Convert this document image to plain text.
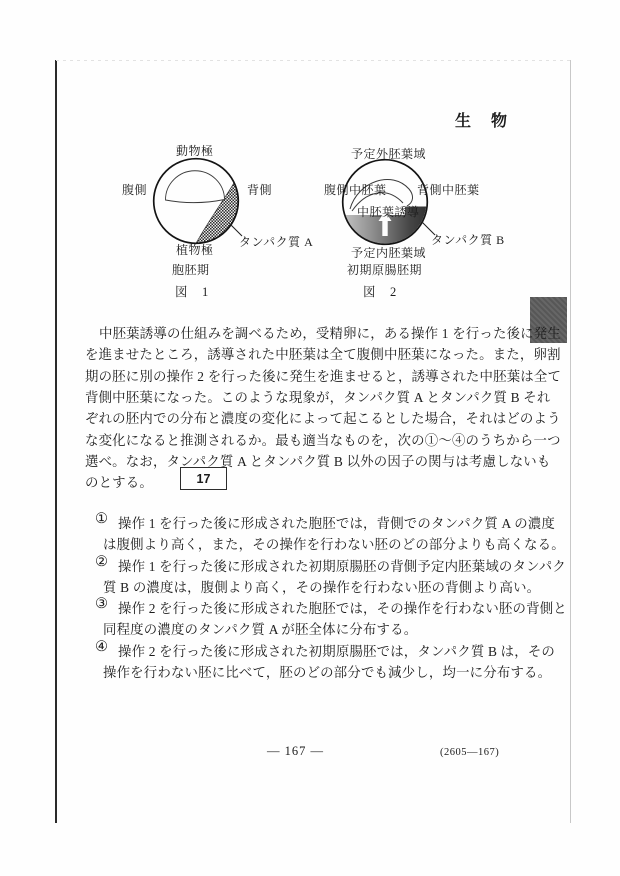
生　物
動物極
腹側	背側
タンパク質 A
植物極
胞胚期
図　1
予定外胚葉域
腹側中胚葉	背側中胚葉
中胚葉誘導
タンパク質 B
予定内胚葉域
初期原腸胚期
図　2
中胚葉誘導の仕組みを調べるため，受精卵に，ある操作 1 を行った後に発生
を進ませたところ，誘導された中胚葉は全て腹側中胚葉になった。また，卵割
期の胚に別の操作 2 を行った後に発生を進ませると，誘導された中胚葉は全て
背側中胚葉になった。このような現象が，タンパク質 A とタンパク質 B それ
ぞれの胚内での分布と濃度の変化によって起こるとした場合，それはどのよう
な変化になると推測されるか。最も適当なものを，次の①～④のうちから一つ
選べ。なお，タンパク質 A とタンパク質 B 以外の因子の関与は考慮しないも
のとする。	17
① 操作 1 を行った後に形成された胞胚では，背側でのタンパク質 A の濃度
は腹側より高く，また，その操作を行わない胚のどの部分よりも高くなる。
② 操作 1 を行った後に形成された初期原腸胚の背側予定内胚葉域のタンパク
質 B の濃度は，腹側より高く，その操作を行わない胚の背側より高い。
③ 操作 2 を行った後に形成された胞胚では，その操作を行わない胚の背側と
同程度の濃度のタンパク質 A が胚全体に分布する。
④ 操作 2 を行った後に形成された初期原腸胚では，タンパク質 B は，その
操作を行わない胚に比べて，胚のどの部分でも減少し，均一に分布する。
— 167 —	(2605—167)
